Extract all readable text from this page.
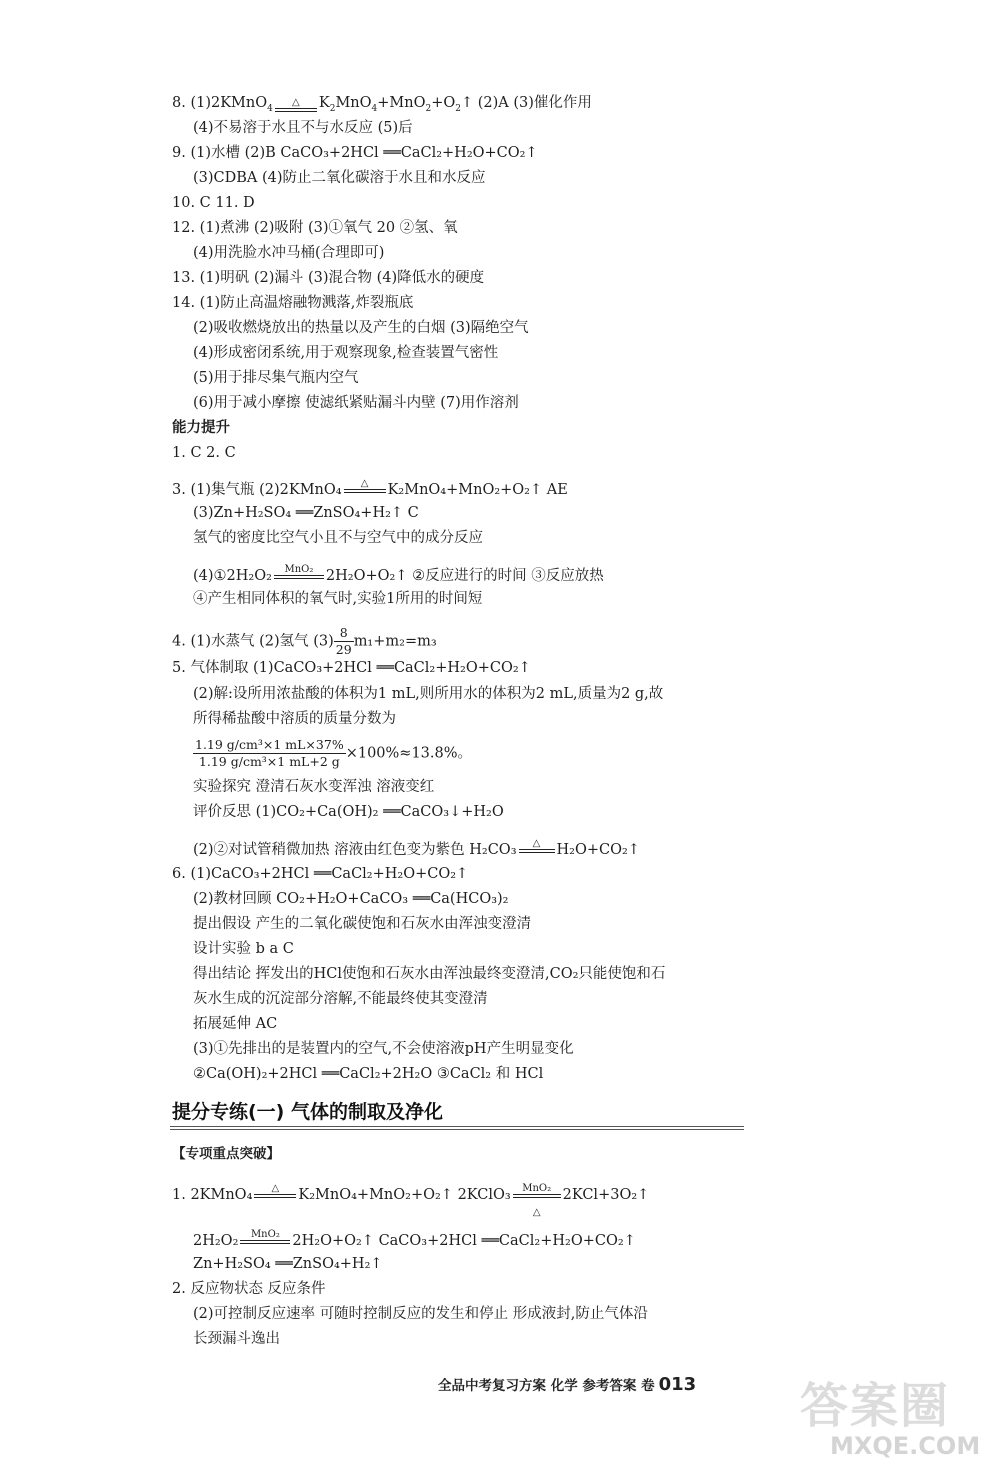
8. (1)2KMnO$_4$
△	$K_2MnO_4+MnO_2+O_2↑$ (2)A (3)催化作用
(4)不易溶于水且不与水反应 (5)后
9. (1)水槽 (2)B CaCO₃+2HCl ══CaCl₂+H₂O+CO₂↑
(3)CDBA (4)防止二氧化碳溶于水且和水反应
10. C 11. D
12. (1)煮沸 (2)吸附 (3)①氧气 20 ②氢、氧
(4)用洗脸水冲马桶(合理即可)
13. (1)明矾 (2)漏斗 (3)混合物 (4)降低水的硬度
14. (1)防止高温熔融物溅落,炸裂瓶底
(2)吸收燃烧放出的热量以及产生的白烟 (3)隔绝空气
(4)形成密闭系统,用于观察现象,检查装置气密性
(5)用于排尽集气瓶内空气
(6)用于减小摩擦 使滤纸紧贴漏斗内壁 (7)用作溶剂
能力提升
1. C 2. C
3. (1)集气瓶 (2)2KMnO₄	△	K₂MnO₄+MnO₂+O₂↑ AE
(3)Zn+H₂SO₄ ══ZnSO₄+H₂↑ C
氢气的密度比空气小且不与空气中的成分反应
(4)①2H₂O₂	MnO₂ 2H₂O+O₂↑ ②反应进行的时间 ③反应放热
④产生相同体积的氧气时,实验1所用的时间短
4. (1)水蒸气 (2)氢气 $(3) \frac{8}{29} m_1+m_2=m_3$
5. 气体制取 (1)CaCO₃+2HCl ══CaCl₂+H₂O+CO₂↑
(2)解:设所用浓盐酸的体积为1 mL,则所用水的体积为2 mL,质量为2 g,故
所得稀盐酸中溶质的质量分数为
$\frac{\text{1.19 g/cm³×1 mL×37\%}}{\text{1.19 g/cm³×1 mL+2 g}} \times 100\%\approx 13.8\%$。
实验探究 澄清石灰水变浑浊 溶液变红
评价反思 (1)CO₂+Ca(OH)₂ ══CaCO₃↓+H₂O
(2)②对试管稍微加热 溶液由红色变为紫色 H₂CO₃	△	H₂O+CO₂↑
6. (1)CaCO₃+2HCl ══CaCl₂+H₂O+CO₂↑
(2)教材回顾 CO₂+H₂O+CaCO₃ ══Ca(HCO₃)₂
提出假设 产生的二氧化碳使饱和石灰水由浑浊变澄清
设计实验 b a C
得出结论 挥发出的HCl使饱和石灰水由浑浊最终变澄清,CO₂只能使饱和石
灰水生成的沉淀部分溶解,不能最终使其变澄清
拓展延伸 AC
(3)①先排出的是装置内的空气,不会使溶液pH产生明显变化
②Ca(OH)₂+2HCl ══CaCl₂+2H₂O ③CaCl₂ 和 HCl
提分专练(一) 气体的制取及净化
【专项重点突破】
1. 2KMnO₄	△	K₂MnO₄+MnO₂+O₂↑ 2KClO₃	MnO₂
△
2KCl+3O₂↑
2H₂O₂	MnO₂ 2H₂O+O₂↑ CaCO₃+2HCl ══CaCl₂+H₂O+CO₂↑
Zn+H₂SO₄ ══ZnSO₄+H₂↑
2. 反应物状态 反应条件
(2)可控制反应速率 可随时控制反应的发生和停止 形成液封,防止气体沿
长颈漏斗逸出
全品中考复习方案 化学 参考答案 卷 013 答案圈
MXQE.COM
